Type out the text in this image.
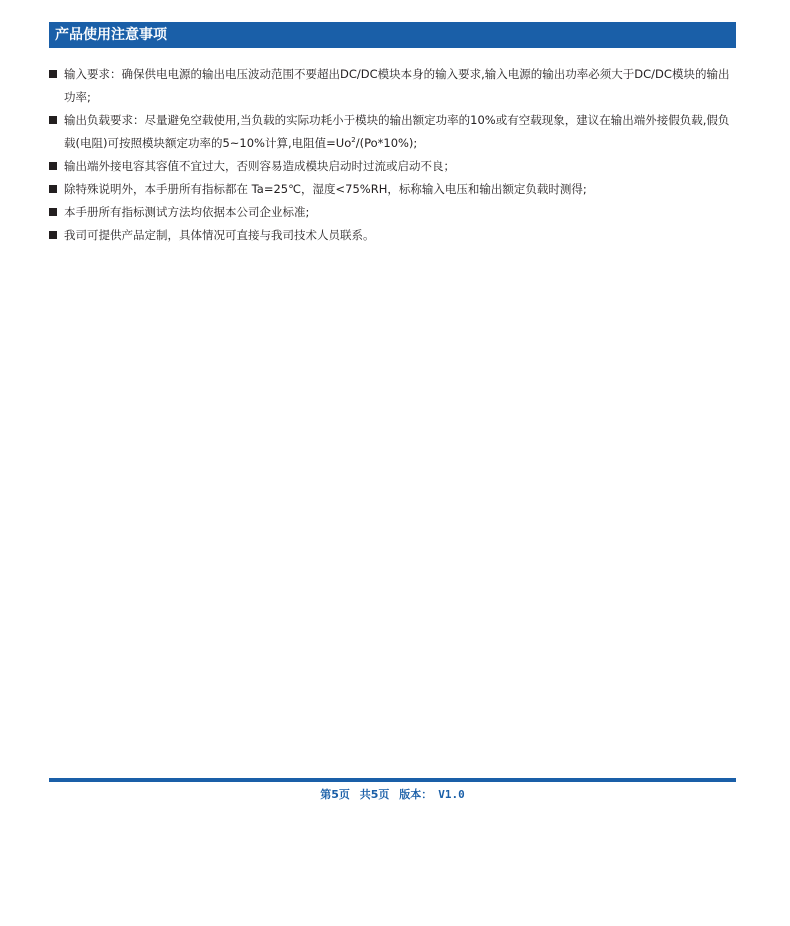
产品使用注意事项
输入要求：确保供电电源的输出电压波动范围不要超出DC/DC模块本身的输入要求,输入电源的输出功率必须大于DC/DC模块的输出功率;
输出负载要求：尽量避免空载使用,当负载的实际功耗小于模块的输出额定功率的10%或有空载现象，建议在输出端外接假负载,假负载(电阻)可按照模块额定功率的5~10%计算,电阻值$=Uo^2/(Po*10\%)$;
输出端外接电容其容值不宜过大，否则容易造成模块启动时过流或启动不良；
除特殊说明外，本手册所有指标都在 Ta=25℃，湿度<75%RH，标称输入电压和输出额定负载时测得;
本手册所有指标测试方法均依据本公司企业标准;
我司可提供产品定制，具体情况可直接与我司技术人员联系。
第5页 共5页 版本： V1.0
